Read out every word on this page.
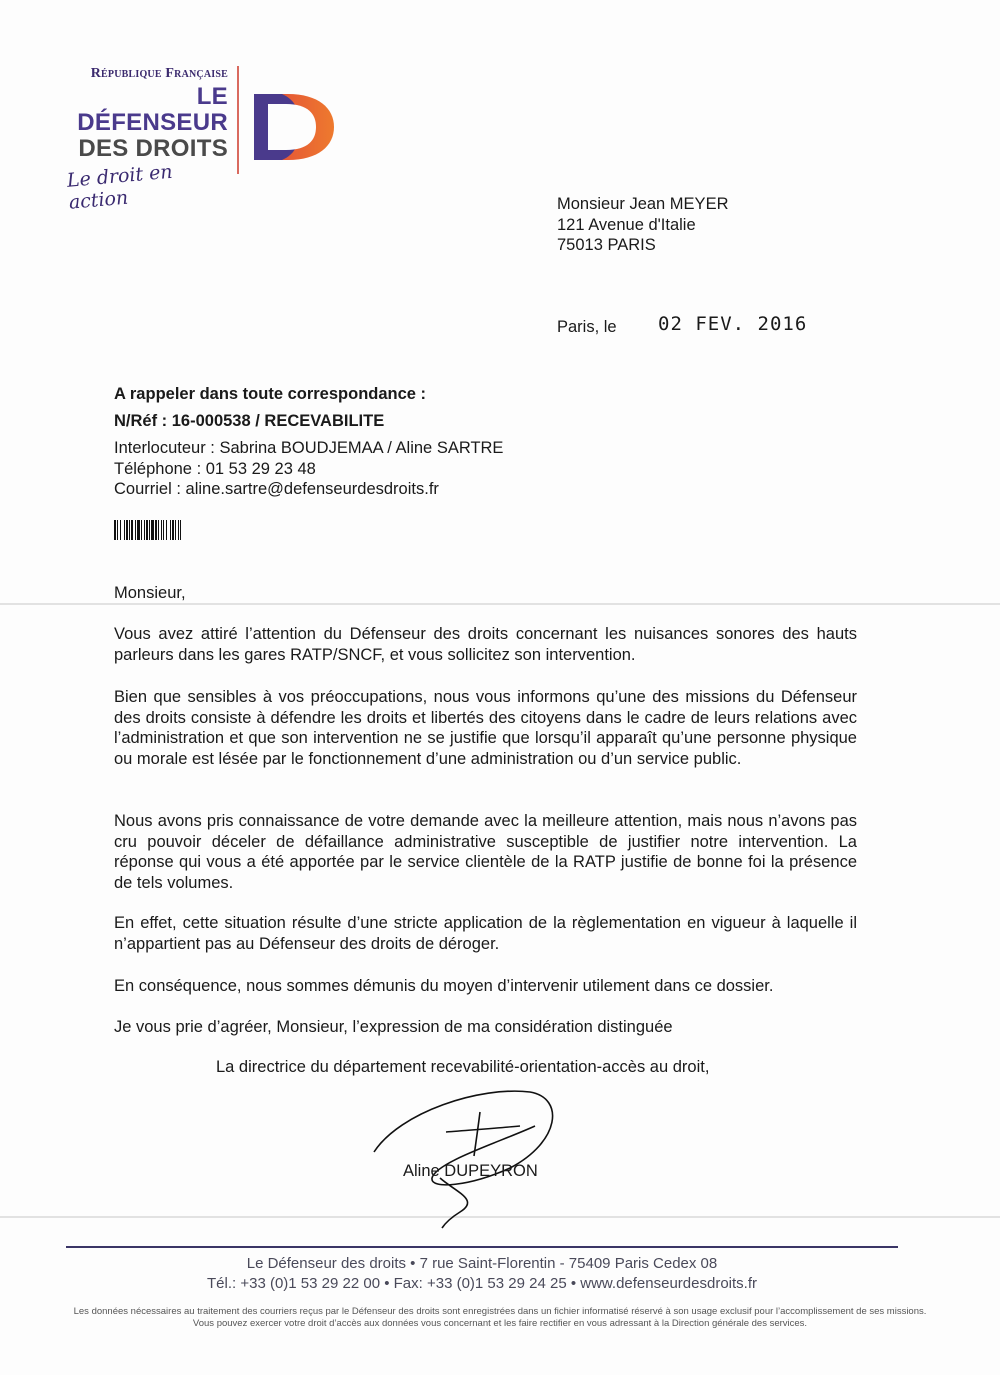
République Française
LE DÉFENSEUR
DES DROITS
Le droit en action	Monsieur Jean MEYER
121 Avenue d'Italie
75013 PARIS
Paris, le 02 FEV. 2016
A rappeler dans toute correspondance :
N/Réf : 16-000538 / RECEVABILITE
Interlocuteur : Sabrina BOUDJEMAA / Aline SARTRE
Téléphone : 01 53 29 23 48
Courriel : aline.sartre@defenseurdesdroits.fr
Monsieur,
Vous avez attiré l’attention du Défenseur des droits concernant les nuisances sonores des hauts parleurs dans les gares RATP/SNCF, et vous sollicitez son intervention.
Bien que sensibles à vos préoccupations, nous vous informons qu’une des missions du Défenseur des droits consiste à défendre les droits et libertés des citoyens dans le cadre de leurs relations avec l’administration et que son intervention ne se justifie que lorsqu’il apparaît qu’une personne physique ou morale est lésée par le fonctionnement d’une administration ou d’un service public.
Nous avons pris connaissance de votre demande avec la meilleure attention, mais nous n’avons pas cru pouvoir déceler de défaillance administrative susceptible de justifier notre intervention. La réponse qui vous a été apportée par le service clientèle de la RATP justifie de bonne foi la présence de tels volumes.
En effet, cette situation résulte d’une stricte application de la règlementation en vigueur à laquelle il n’appartient pas au Défenseur des droits de déroger.
En conséquence, nous sommes démunis du moyen d’intervenir utilement dans ce dossier.
Je vous prie d’agréer, Monsieur, l’expression de ma considération distinguée
La directrice du département recevabilité-orientation-accès au droit,
Aline DUPEYRON
Le Défenseur des droits • 7 rue Saint-Florentin - 75409 Paris Cedex 08
Tél.: +33 (0)1 53 29 22 00 • Fax: +33 (0)1 53 29 24 25 • www.defenseurdesdroits.fr
Les données nécessaires au traitement des courriers reçus par le Défenseur des droits sont enregistrées dans un fichier informatisé réservé à son usage exclusif pour l’accomplissement de ses missions.
Vous pouvez exercer votre droit d’accès aux données vous concernant et les faire rectifier en vous adressant à la Direction générale des services.
